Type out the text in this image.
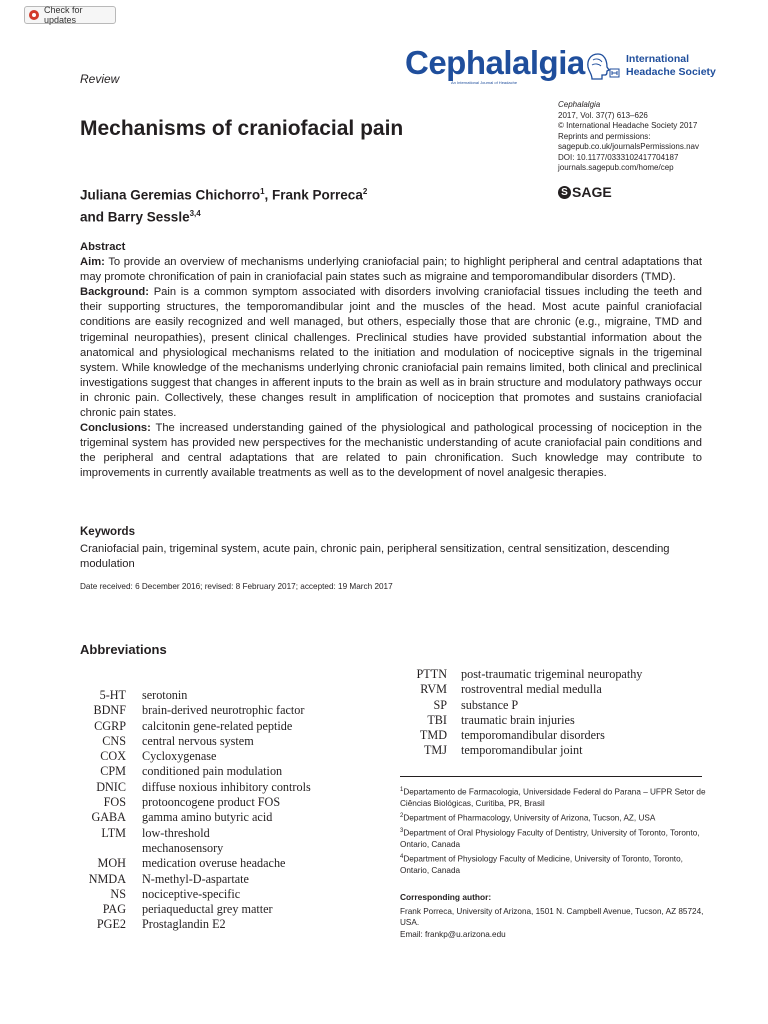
Check for updates
Review	Cephalalgia
An International Journal of Headache
International
Headache Society
Mechanisms of craniofacial pain
Cephalalgia
2017, Vol. 37(7) 613–626
© International Headache Society 2017
Reprints and permissions:
sagepub.co.uk/journalsPermissions.nav
DOI: 10.1177/0333102417704187
journals.sagepub.com/home/cep
S SAGE
Juliana Geremias Chichorro$^1$, Frank Porreca$^2$
and Barry Sessle$^{3,4}$

Abstract

Aim: To provide an overview of mechanisms underlying craniofacial pain; to highlight peripheral and central adaptations that may promote chronification of pain in craniofacial pain states such as migraine and temporomandibular disorders (TMD).

Background: Pain is a common symptom associated with disorders involving craniofacial tissues including the teeth and their supporting structures, the temporomandibular joint and the muscles of the head. Most acute painful craniofacial conditions are easily recognized and well managed, but others, especially those that are chronic (e.g., migraine, TMD and trigeminal neuropathies), present clinical challenges. Preclinical studies have provided substantial information about the anatomical and physiological mechanisms related to the initiation and modulation of nociceptive signals in the trigeminal system. While knowledge of the mechanisms underlying chronic craniofacial pain remains limited, both clinical and preclinical investigations suggest that changes in afferent inputs to the brain as well as in brain structure and modulatory pathways occur in chronic pain. Collectively, these changes result in amplification of nociception that promotes and sustains craniofacial chronic pain states.

Conclusions: The increased understanding gained of the physiological and pathological processing of nociception in the trigeminal system has provided new perspectives for the mechanistic understanding of acute craniofacial pain conditions and the peripheral and central adaptations that are related to pain chronification. Such knowledge may contribute to improvements in currently available treatments as well as to the development of novel analgesic therapies.

Keywords
Craniofacial pain, trigeminal system, acute pain, chronic pain, peripheral sensitization, central sensitization, descending modulation
Date received: 6 December 2016; revised: 8 February 2017; accepted: 19 March 2017
Abbreviations
5-HT serotonin
BDNF brain-derived neurotrophic factor
CGRP calcitonin gene-related peptide
CNS central nervous system
COX Cycloxygenase
CPM conditioned pain modulation
DNIC diffuse noxious inhibitory controls
FOS protooncogene product FOS
GABA gamma amino butyric acid
LTM low-threshold
mechanosensory
MOH medication overuse headache
NMDA N-methyl-D-aspartate
NS nociceptive-specific
PAG periaqueductal grey matter
PGE2 Prostaglandin E2
PTTN post-traumatic trigeminal neuropathy
RVM rostroventral medial medulla
SP substance P
TBI traumatic brain injuries
TMD temporomandibular disorders
TMJ temporomandibular joint

$^1$Departamento de Farmacologia, Universidade Federal do Parana – UFPR Setor de Ciências Biológicas, Curitiba, PR, Brasil

$^2$Department of Pharmacology, University of Arizona, Tucson, AZ, USA

$^3$Department of Oral Physiology Faculty of Dentistry, University of Toronto, Toronto, Ontario, Canada

$^4$Department of Physiology Faculty of Medicine, University of Toronto, Toronto, Ontario, Canada

Corresponding author:
Frank Porreca, University of Arizona, 1501 N. Campbell Avenue, Tucson, AZ 85724, USA.
Email: frankp@u.arizona.edu
